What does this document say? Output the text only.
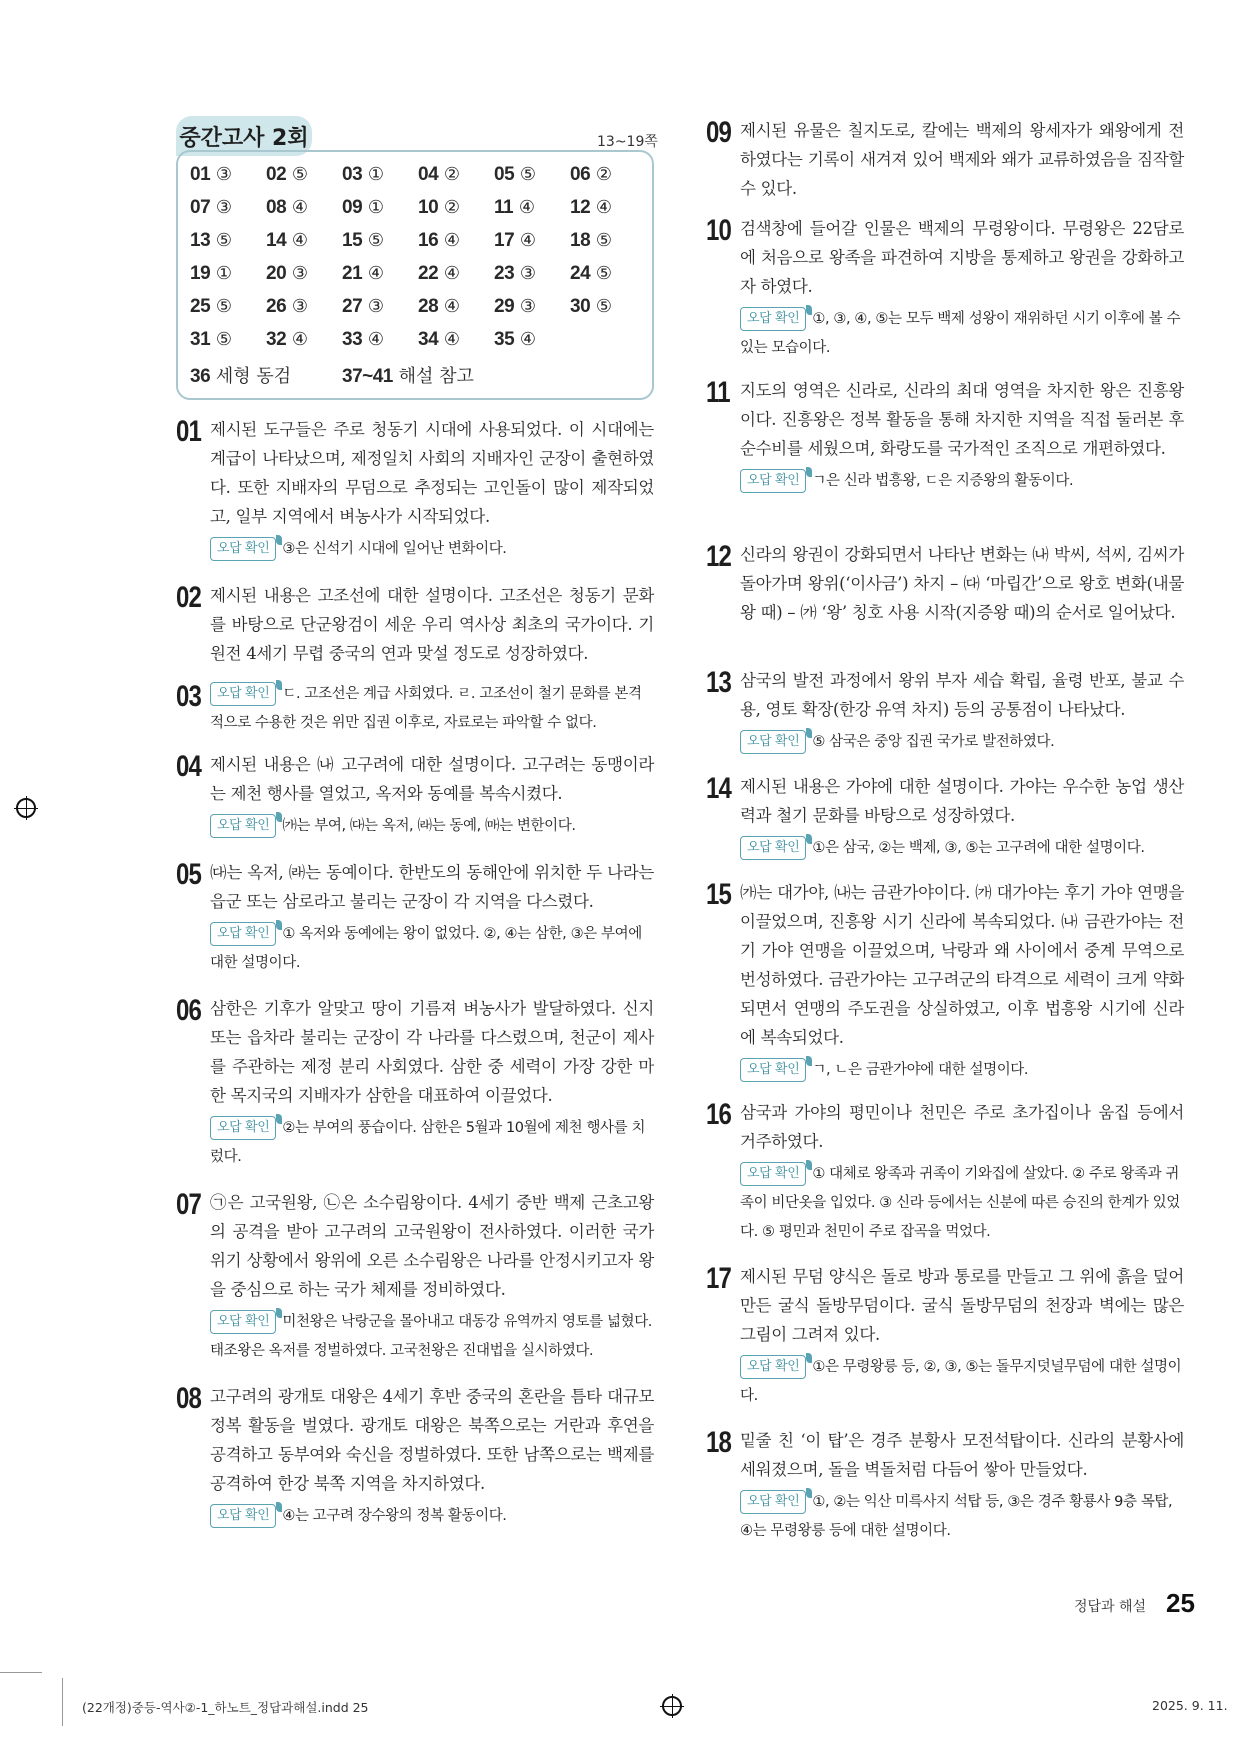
중간고사 2회	13~19쪽
01 ③	02 ⑤	03 ①	04 ②	05 ⑤	06 ②
07 ③	08 ④	09 ①	10 ②	11 ④	12 ④
13 ⑤	14 ④	15 ⑤	16 ④	17 ④	18 ⑤
19 ①	20 ③	21 ④	22 ④	23 ③	24 ⑤
25 ⑤	26 ③	27 ③	28 ④	29 ③	30 ⑤
31 ⑤	32 ④	33 ④	34 ④	35 ④
36 세형 동검	37~41 해설 참고
01 제시된 도구들은 주로 청동기 시대에 사용되었다. 이 시대에는 계급이 나타났으며, 제정일치 사회의 지배자인 군장이 출현하였다. 또한 지배자의 무덤으로 추정되는 고인돌이 많이 제작되었고, 일부 지역에서 벼농사가 시작되었다.
오답 확인 ③은 신석기 시대에 일어난 변화이다.
02 제시된 내용은 고조선에 대한 설명이다. 고조선은 청동기 문화를 바탕으로 단군왕검이 세운 우리 역사상 최초의 국가이다. 기원전 4세기 무렵 중국의 연과 맞설 정도로 성장하였다.
03	오답 확인 ㄷ. 고조선은 계급 사회였다. ㄹ. 고조선이 철기 문화를 본격적으로 수용한 것은 위만 집권 이후로, 자료로는 파악할 수 없다.
04 제시된 내용은 ㈏ 고구려에 대한 설명이다. 고구려는 동맹이라는 제천 행사를 열었고, 옥저와 동예를 복속시켰다.
오답 확인 ㈎는 부여, ㈐는 옥저, ㈑는 동예, ㈒는 변한이다.
05 ㈐는 옥저, ㈑는 동예이다. 한반도의 동해안에 위치한 두 나라는 읍군 또는 삼로라고 불리는 군장이 각 지역을 다스렸다.
오답 확인 ① 옥저와 동예에는 왕이 없었다. ②, ④는 삼한, ③은 부여에 대한 설명이다.
06 삼한은 기후가 알맞고 땅이 기름져 벼농사가 발달하였다. 신지 또는 읍차라 불리는 군장이 각 나라를 다스렸으며, 천군이 제사를 주관하는 제정 분리 사회였다. 삼한 중 세력이 가장 강한 마한 목지국의 지배자가 삼한을 대표하여 이끌었다.
오답 확인 ②는 부여의 풍습이다. 삼한은 5월과 10월에 제천 행사를 치렀다.
07 ㉠은 고국원왕, ㉡은 소수림왕이다. 4세기 중반 백제 근초고왕의 공격을 받아 고구려의 고국원왕이 전사하였다. 이러한 국가 위기 상황에서 왕위에 오른 소수림왕은 나라를 안정시키고자 왕을 중심으로 하는 국가 체제를 정비하였다.
오답 확인 미천왕은 낙랑군을 몰아내고 대동강 유역까지 영토를 넓혔다. 태조왕은 옥저를 정벌하였다. 고국천왕은 진대법을 실시하였다.
08 고구려의 광개토 대왕은 4세기 후반 중국의 혼란을 틈타 대규모 정복 활동을 벌였다. 광개토 대왕은 북쪽으로는 거란과 후연을 공격하고 동부여와 숙신을 정벌하였다. 또한 남쪽으로는 백제를 공격하여 한강 북쪽 지역을 차지하였다.
오답 확인 ④는 고구려 장수왕의 정복 활동이다.
09 제시된 유물은 칠지도로, 칼에는 백제의 왕세자가 왜왕에게 전하였다는 기록이 새겨져 있어 백제와 왜가 교류하였음을 짐작할 수 있다.
10 검색창에 들어갈 인물은 백제의 무령왕이다. 무령왕은 22담로에 처음으로 왕족을 파견하여 지방을 통제하고 왕권을 강화하고자 하였다.
오답 확인 ①, ③, ④, ⑤는 모두 백제 성왕이 재위하던 시기 이후에 볼 수 있는 모습이다.
11 지도의 영역은 신라로, 신라의 최대 영역을 차지한 왕은 진흥왕이다. 진흥왕은 정복 활동을 통해 차지한 지역을 직접 둘러본 후 순수비를 세웠으며, 화랑도를 국가적인 조직으로 개편하였다.
오답 확인 ㄱ은 신라 법흥왕, ㄷ은 지증왕의 활동이다.
12 신라의 왕권이 강화되면서 나타난 변화는 ㈏ 박씨, 석씨, 김씨가 돌아가며 왕위(‘이사금’) 차지 – ㈐ ‘마립간’으로 왕호 변화(내물왕 때) – ㈎ ‘왕’ 칭호 사용 시작(지증왕 때)의 순서로 일어났다.
13 삼국의 발전 과정에서 왕위 부자 세습 확립, 율령 반포, 불교 수용, 영토 확장(한강 유역 차지) 등의 공통점이 나타났다.
오답 확인 ⑤ 삼국은 중앙 집권 국가로 발전하였다.
14 제시된 내용은 가야에 대한 설명이다. 가야는 우수한 농업 생산력과 철기 문화를 바탕으로 성장하였다.
오답 확인 ①은 삼국, ②는 백제, ③, ⑤는 고구려에 대한 설명이다.
15 ㈎는 대가야, ㈏는 금관가야이다. ㈎ 대가야는 후기 가야 연맹을 이끌었으며, 진흥왕 시기 신라에 복속되었다. ㈏ 금관가야는 전기 가야 연맹을 이끌었으며, 낙랑과 왜 사이에서 중계 무역으로 번성하였다. 금관가야는 고구려군의 타격으로 세력이 크게 약화되면서 연맹의 주도권을 상실하였고, 이후 법흥왕 시기에 신라에 복속되었다.
오답 확인 ㄱ, ㄴ은 금관가야에 대한 설명이다.
16 삼국과 가야의 평민이나 천민은 주로 초가집이나 움집 등에서 거주하였다.
오답 확인 ① 대체로 왕족과 귀족이 기와집에 살았다. ② 주로 왕족과 귀족이 비단옷을 입었다. ③ 신라 등에서는 신분에 따른 승진의 한계가 있었다. ⑤ 평민과 천민이 주로 잡곡을 먹었다.
17 제시된 무덤 양식은 돌로 방과 통로를 만들고 그 위에 흙을 덮어 만든 굴식 돌방무덤이다. 굴식 돌방무덤의 천장과 벽에는 많은 그림이 그려져 있다.
오답 확인 ①은 무령왕릉 등, ②, ③, ⑤는 돌무지덧널무덤에 대한 설명이다.
18 밑줄 친 ‘이 탑’은 경주 분황사 모전석탑이다. 신라의 분황사에 세워졌으며, 돌을 벽돌처럼 다듬어 쌓아 만들었다.
오답 확인 ①, ②는 익산 미륵사지 석탑 등, ③은 경주 황룡사 9층 목탑, ④는 무령왕릉 등에 대한 설명이다.
정답과 해설 25
(22개정)중등-역사②-1_하노트_정답과해설.indd 25	2025. 9. 11.
